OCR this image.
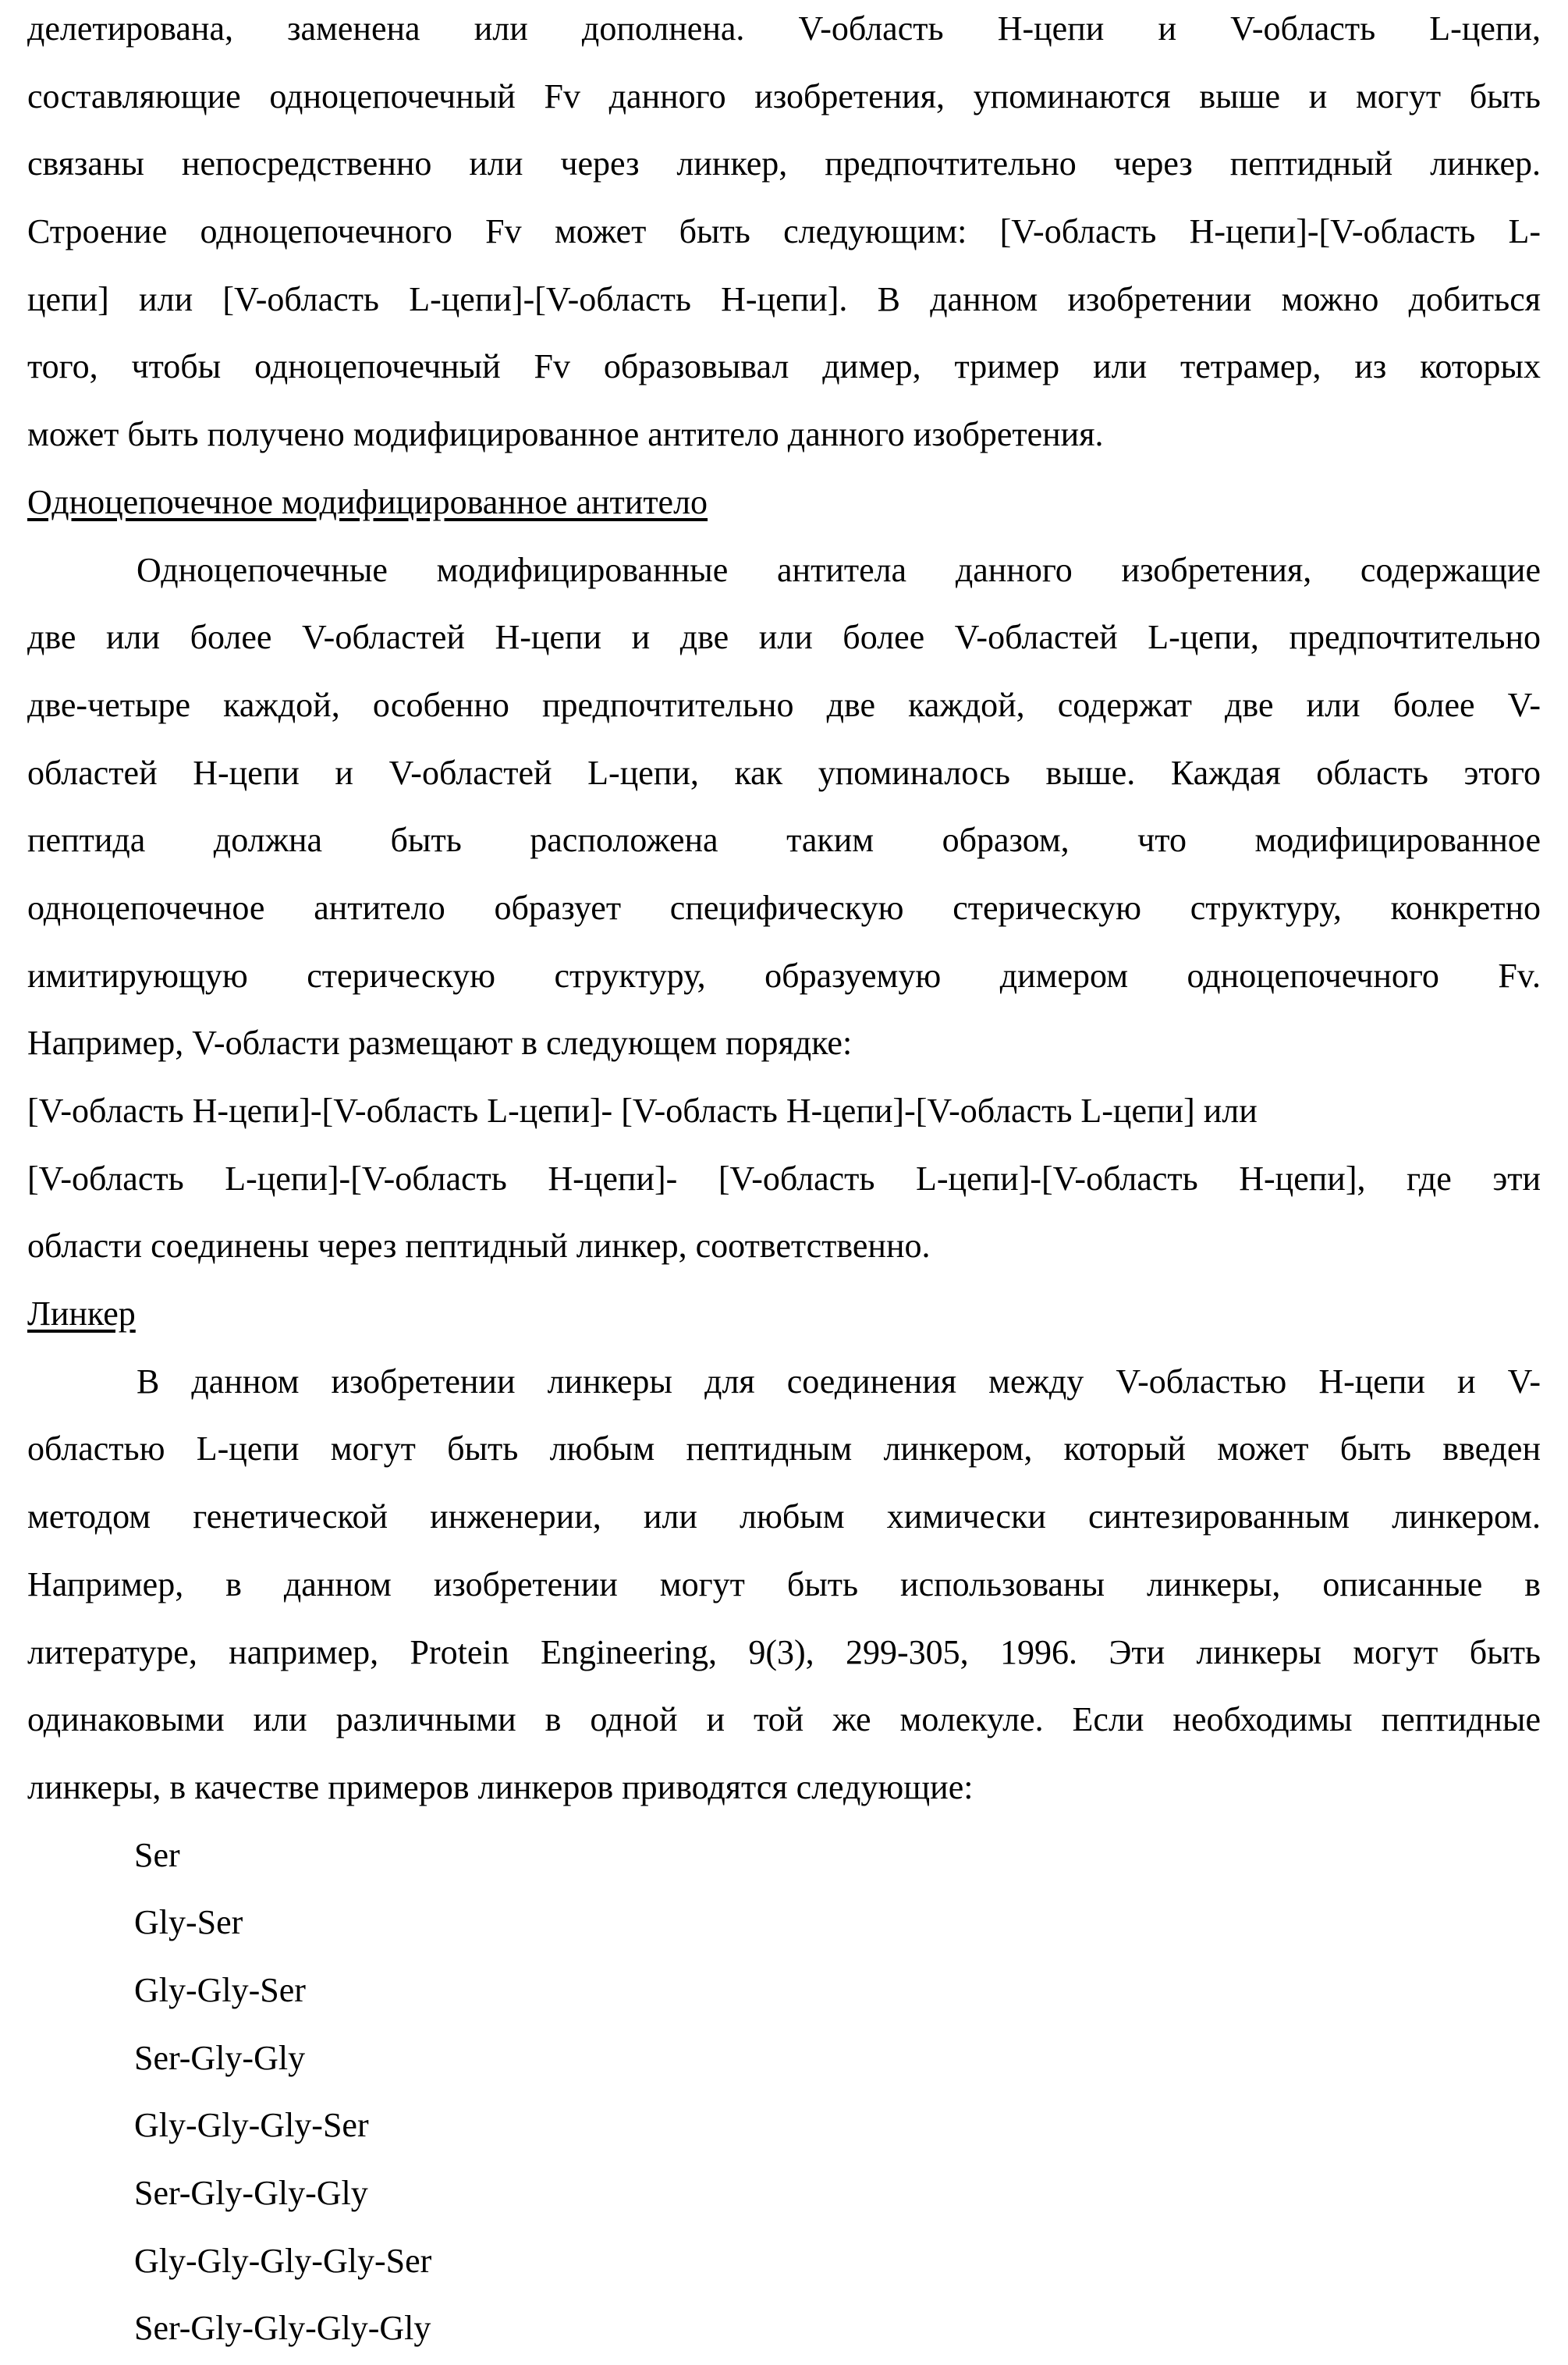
делетирована, заменена или дополнена. V-область H-цепи и V-область L-цепи,
составляющие одноцепочечный Fv данного изобретения, упоминаются выше и могут быть
связаны непосредственно или через линкер, предпочтительно через пептидный линкер.
Строение одноцепочечного Fv может быть следующим: [V-область H-цепи]-[V-область L-
цепи] или [V-область L-цепи]-[V-область H-цепи]. В данном изобретении можно добиться
того, чтобы одноцепочечный Fv образовывал димер, тример или тетрамер, из которых
может быть получено модифицированное антитело данного изобретения.
Одноцепочечное модифицированное антитело
Одноцепочечные модифицированные антитела данного изобретения, содержащие
две или более V-областей H-цепи и две или более V-областей L-цепи, предпочтительно
две-четыре каждой, особенно предпочтительно две каждой, содержат две или более V-
областей H-цепи и V-областей L-цепи, как упоминалось выше. Каждая область этого
пептида должна быть расположена таким образом, что модифицированное
одноцепочечное антитело образует специфическую стерическую структуру, конкретно
имитирующую стерическую структуру, образуемую димером одноцепочечного Fv.
Например, V-области размещают в следующем порядке:
[V-область H-цепи]-[V-область L-цепи]- [V-область H-цепи]-[V-область L-цепи] или
[V-область L-цепи]-[V-область H-цепи]- [V-область L-цепи]-[V-область H-цепи], где эти
области соединены через пептидный линкер, соответственно.
Линкер
В данном изобретении линкеры для соединения между V-областью H-цепи и V-
областью L-цепи могут быть любым пептидным линкером, который может быть введен
методом генетической инженерии, или любым химически синтезированным линкером.
Например, в данном изобретении могут быть использованы линкеры, описанные в
литературе, например, Protein Engineering, 9(3), 299-305, 1996. Эти линкеры могут быть
одинаковыми или различными в одной и той же молекуле. Если необходимы пептидные
линкеры, в качестве примеров линкеров приводятся следующие:
Ser
Gly-Ser
Gly-Gly-Ser
Ser-Gly-Gly
Gly-Gly-Gly-Ser
Ser-Gly-Gly-Gly
Gly-Gly-Gly-Gly-Ser
Ser-Gly-Gly-Gly-Gly
